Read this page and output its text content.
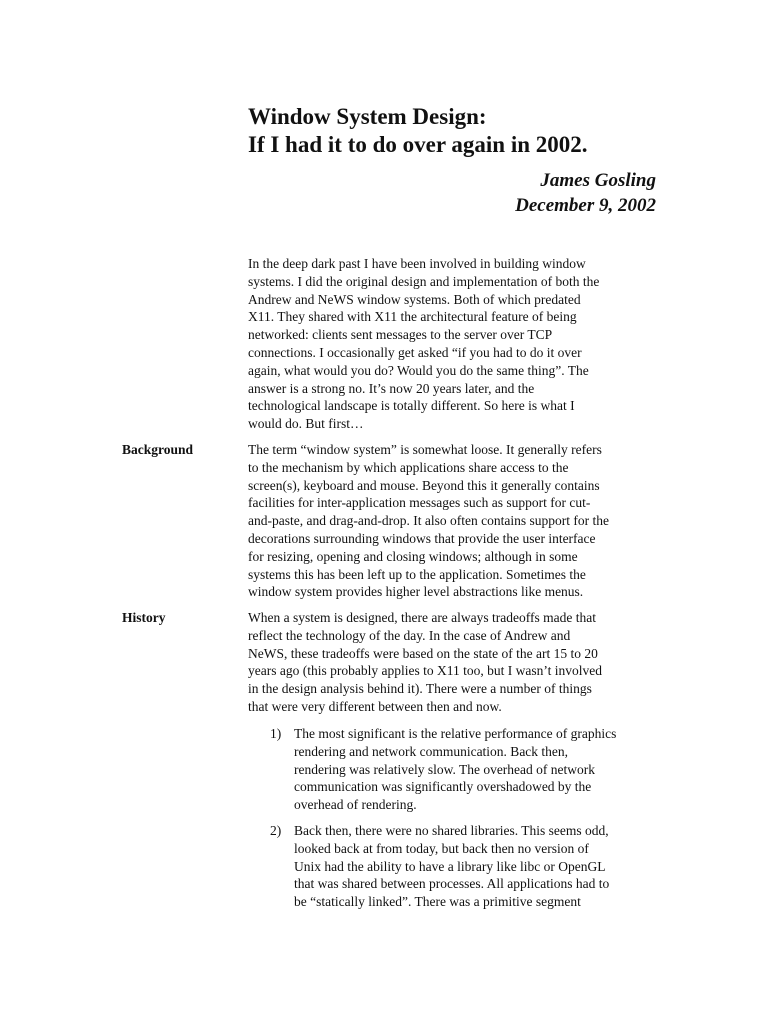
Window System Design:
If I had it to do over again in 2002.
James Gosling
December 9, 2002
In the deep dark past I have been involved in building window
systems. I did the original design and implementation of both the
Andrew and NeWS window systems. Both of which predated
X11. They shared with X11 the architectural feature of being
networked: clients sent messages to the server over TCP
connections. I occasionally get asked “if you had to do it over
again, what would you do? Would you do the same thing”. The
answer is a strong no. It’s now 20 years later, and the
technological landscape is totally different. So here is what I
would do. But first…
Background	The term “window system” is somewhat loose. It generally refers
to the mechanism by which applications share access to the
screen(s), keyboard and mouse. Beyond this it generally contains
facilities for inter-application messages such as support for cut-
and-paste, and drag-and-drop. It also often contains support for the
decorations surrounding windows that provide the user interface
for resizing, opening and closing windows; although in some
systems this has been left up to the application. Sometimes the
window system provides higher level abstractions like menus.
History	When a system is designed, there are always tradeoffs made that
reflect the technology of the day. In the case of Andrew and
NeWS, these tradeoffs were based on the state of the art 15 to 20
years ago (this probably applies to X11 too, but I wasn’t involved
in the design analysis behind it). There were a number of things
that were very different between then and now.
1) The most significant is the relative performance of graphics
rendering and network communication. Back then,
rendering was relatively slow. The overhead of network
communication was significantly overshadowed by the
overhead of rendering.
2) Back then, there were no shared libraries. This seems odd,
looked back at from today, but back then no version of
Unix had the ability to have a library like libc or OpenGL
that was shared between processes. All applications had to
be “statically linked”. There was a primitive segment
